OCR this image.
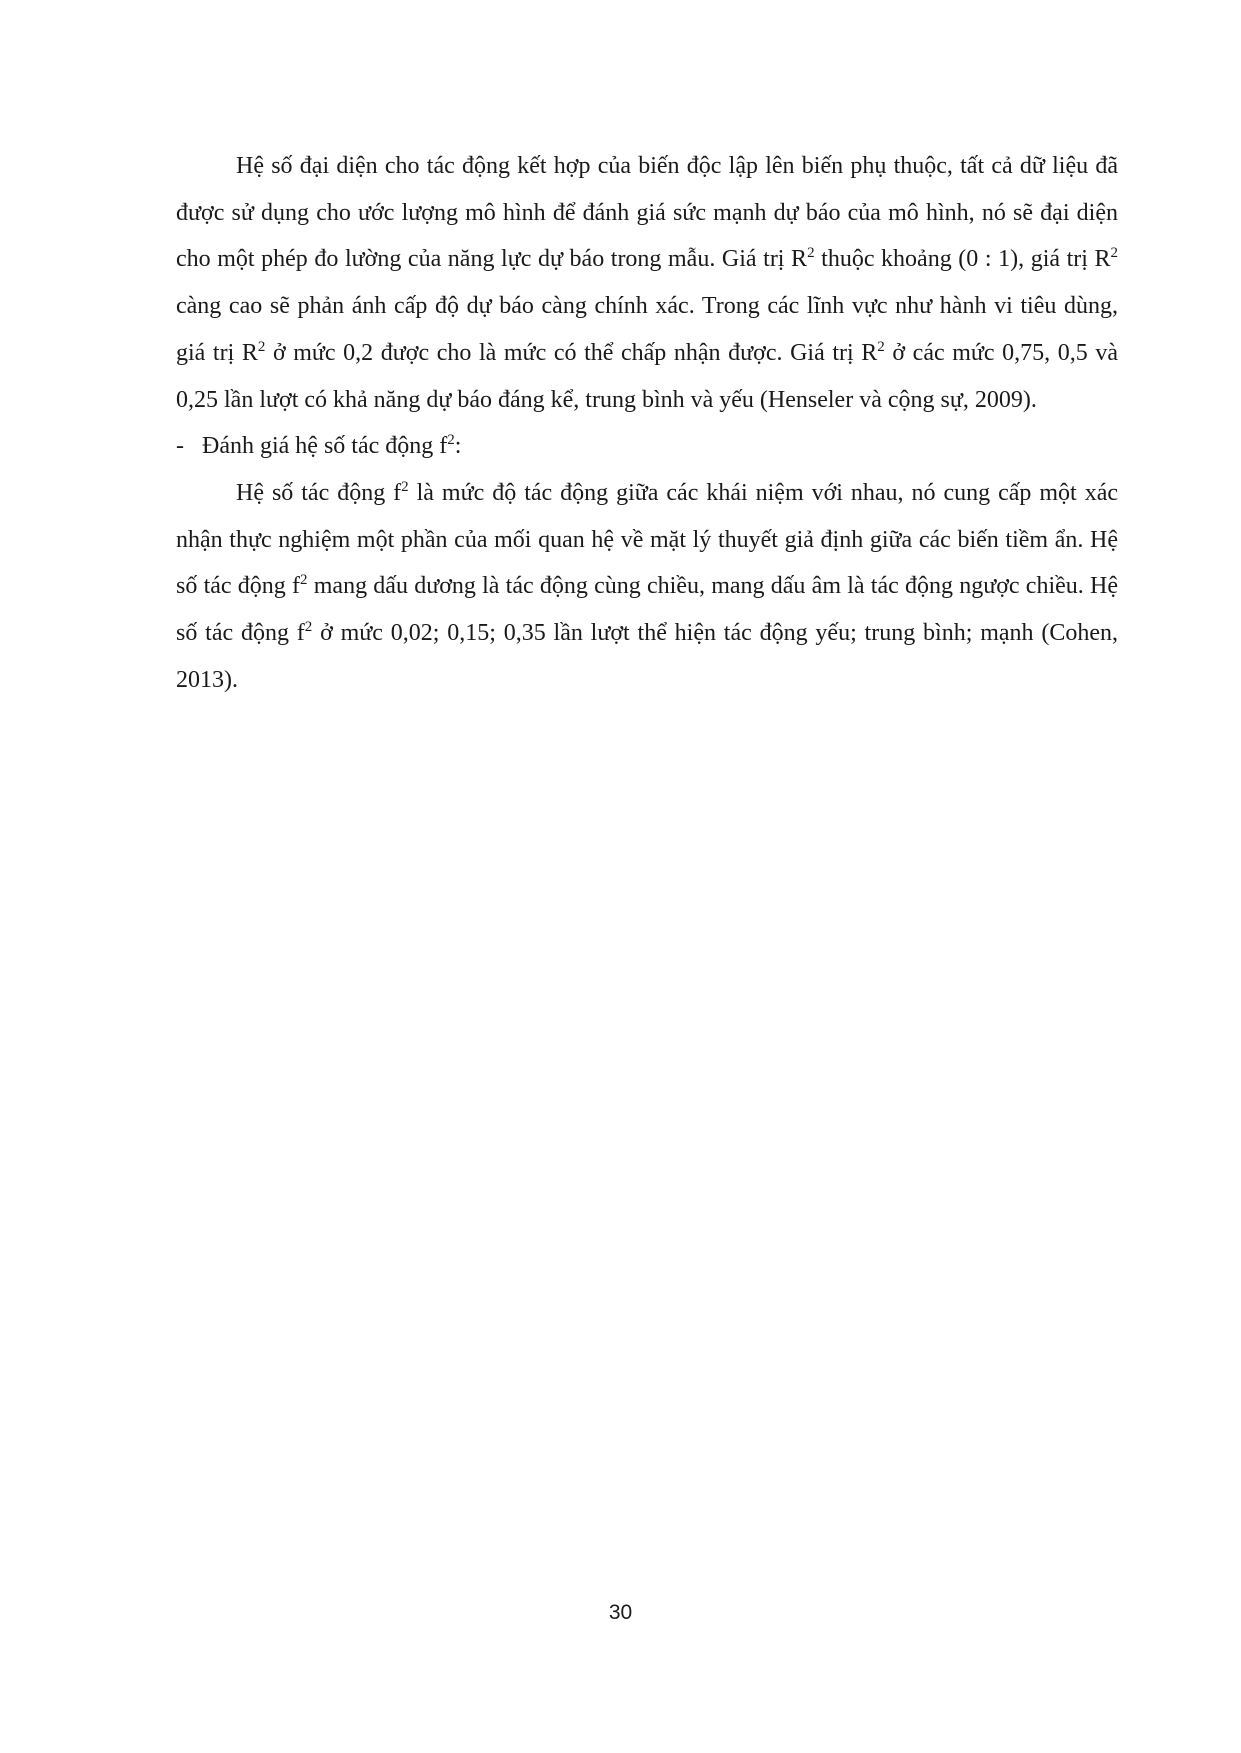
Hệ số đại diện cho tác động kết hợp của biến độc lập lên biến phụ thuộc, tất cả dữ liệu đã được sử dụng cho ước lượng mô hình để đánh giá sức mạnh dự báo của mô hình, nó sẽ đại diện cho một phép đo lường của năng lực dự báo trong mẫu. Giá trị $R^2$ thuộc khoảng (0 : 1), giá trị $R^2$ càng cao sẽ phản ánh cấp độ dự báo càng chính xác. Trong các lĩnh vực như hành vi tiêu dùng, giá trị $R^2$ ở mức 0,2 được cho là mức có thể chấp nhận được. Giá trị $R^2$ ở các mức 0,75, 0,5 và 0,25 lần lượt có khả năng dự báo đáng kể, trung bình và yếu (Henseler và cộng sự, 2009).

- Đánh giá hệ số tác động $f^2$:

Hệ số tác động $f^2$ là mức độ tác động giữa các khái niệm với nhau, nó cung cấp một xác nhận thực nghiệm một phần của mối quan hệ về mặt lý thuyết giả định giữa các biến tiềm ẩn. Hệ số tác động $f^2$ mang dấu dương là tác động cùng chiều, mang dấu âm là tác động ngược chiều. Hệ số tác động $f^2$ ở mức 0,02; 0,15; 0,35 lần lượt thể hiện tác động yếu; trung bình; mạnh (Cohen, 2013).

30
